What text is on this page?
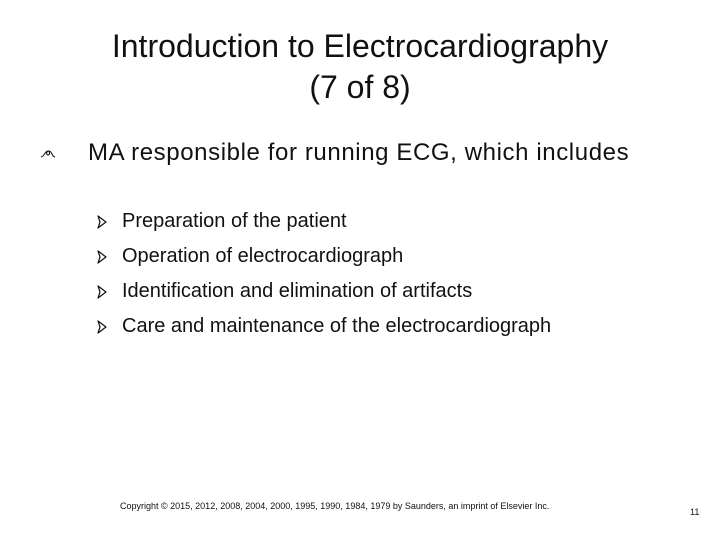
Introduction to Electrocardiography
(7 of 8)
MA responsible for running ECG, which includes
Preparation of the patient
Operation of electrocardiograph
Identification and elimination of artifacts
Care and maintenance of the electrocardiograph
Copyright © 2015, 2012, 2008, 2004, 2000, 1995, 1990, 1984, 1979 by Saunders, an imprint of Elsevier Inc.
11
